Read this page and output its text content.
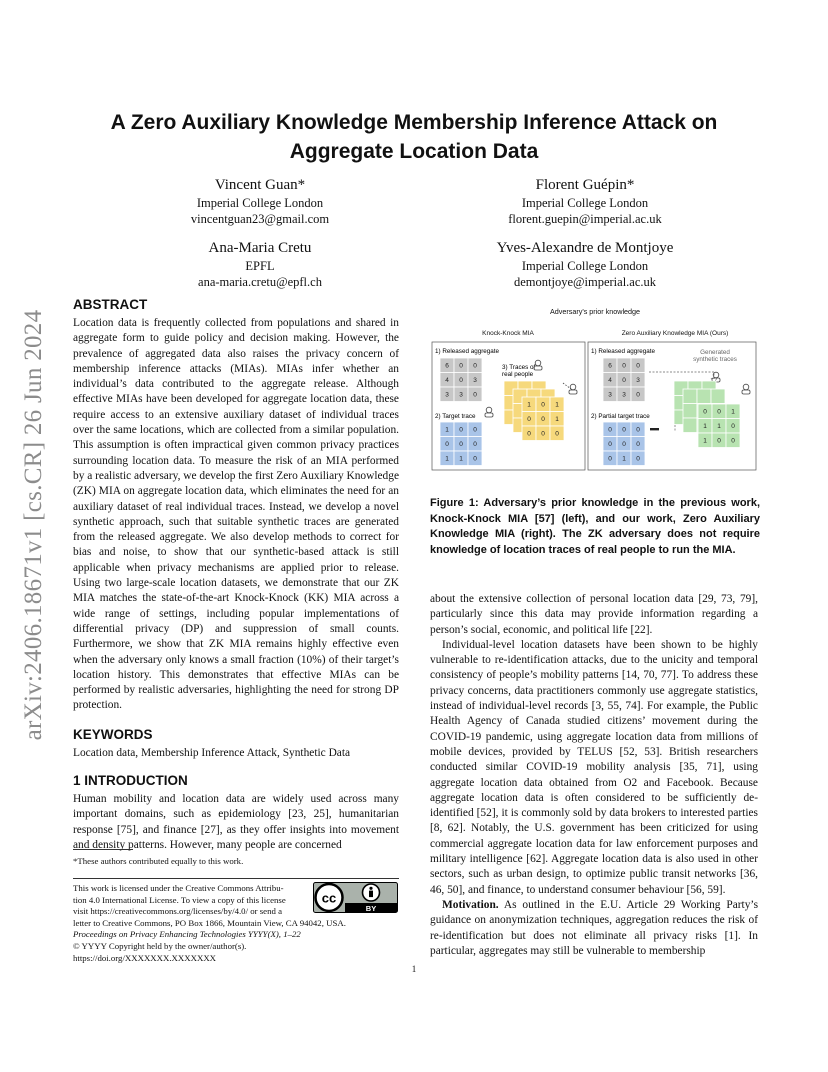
arXiv:2406.18671v1 [cs.CR] 26 Jun 2024
A Zero Auxiliary Knowledge Membership Inference Attack on
Aggregate Location Data
Vincent Guan*
Imperial College London
vincentguan23@gmail.com
Florent Guépin*
Imperial College London
florent.guepin@imperial.ac.uk
Ana-Maria Cretu
EPFL
ana-maria.cretu@epfl.ch
Yves-Alexandre de Montjoye
Imperial College London
demontjoye@imperial.ac.uk
ABSTRACT

Location data is frequently collected from populations and shared in aggregate form to guide policy and decision making. However, the prevalence of aggregated data also raises the privacy concern of membership inference attacks (MIAs). MIAs infer whether an individual’s data contributed to the aggregate release. Although effective MIAs have been developed for aggregate location data, these require access to an extensive auxiliary dataset of individual traces over the same locations, which are collected from a similar population. This assumption is often impractical given common privacy practices surrounding location data. To measure the risk of an MIA performed by a realistic adversary, we develop the first Zero Auxiliary Knowledge (ZK) MIA on aggregate location data, which eliminates the need for an auxiliary dataset of real individual traces. Instead, we develop a novel synthetic approach, such that suitable synthetic traces are generated from the released aggregate. We also develop methods to correct for bias and noise, to show that our synthetic-based attack is still applicable when privacy mechanisms are applied prior to release. Using two large-scale location datasets, we demonstrate that our ZK MIA matches the state-of-the-art Knock-Knock (KK) MIA across a wide range of settings, including popular implementations of differential privacy (DP) and suppression of small counts. Furthermore, we show that ZK MIA remains highly effective even when the adversary only knows a small fraction (10%) of their target’s location history. This demonstrates that effective MIAs can be performed by realistic adversaries, highlighting the need for strong DP protection.

KEYWORDS

Location data, Membership Inference Attack, Synthetic Data

1 INTRODUCTION

Human mobility and location data are widely used across many important domains, such as epidemiology [23, 25], humanitarian response [75], and finance [27], as they offer insights into movement and density patterns. However, many people are concerned

*These authors contributed equally to this work.
This work is licensed under the Creative Commons Attribu-
tion 4.0 International License. To view a copy of this license
visit https://creativecommons.org/licenses/by/4.0/ or send a
letter to Creative Commons, PO Box 1866, Mountain View, CA 94042, USA.
Proceedings on Privacy Enhancing Technologies YYYY(X), 1–22
© YYYY Copyright held by the owner/author(s).
https://doi.org/XXXXXXX.XXXXXXX
cc
BY
Adversary's prior knowledge
Knock-Knock MIA	Zero Auxiliary Knowledge MIA (Ours)
1) Released aggregate
2) Target trace
3) Traces of
real people
1) Released aggregate
2) Partial target trace
Generated
synthetic traces
6 0 0
4 0 3
3 3 0
1 0 0
0 0 0
1 1 0
1 0 1
0 0 1
0 0 0
6 0 0
4 0 3
3 3 0
0 0 0
0 0 0
0 1 0
0 0 1
1 1 0
1 0 0
Figure 1: Adversary’s prior knowledge in the previous work, Knock-Knock MIA [57] (left), and our work, Zero Auxiliary Knowledge MIA (right). The ZK adversary does not require knowledge of location traces of real people to run the MIA.

about the extensive collection of personal location data [29, 73, 79], particularly since this data may provide information regarding a person’s social, economic, and political life [22].

Individual-level location datasets have been shown to be highly vulnerable to re-identification attacks, due to the unicity and temporal consistency of people’s mobility patterns [14, 70, 77]. To address these privacy concerns, data practitioners commonly use aggregate statistics, instead of individual-level records [3, 55, 74]. For example, the Public Health Agency of Canada studied citizens’ movement during the COVID-19 pandemic, using aggregate location data from millions of mobile devices, provided by TELUS [52, 53]. British researchers conducted similar COVID-19 mobility analysis [35, 71], using aggregate location data obtained from O2 and Facebook. Because aggregate location data is often considered to be sufficiently de-identified [52], it is commonly sold by data brokers to interested parties [8, 62]. Notably, the U.S. government has been criticized for using commercial aggregate location data for law enforcement purposes and military intelligence [62]. Aggregate location data is also used in other sectors, such as urban design, to optimize public transit networks [36, 46, 50], and finance, to understand consumer behaviour [56, 59].

Motivation. As outlined in the E.U. Article 29 Working Party’s guidance on anonymization techniques, aggregation reduces the risk of re-identification but does not eliminate all privacy risks [1]. In particular, aggregates may still be vulnerable to membership

1
